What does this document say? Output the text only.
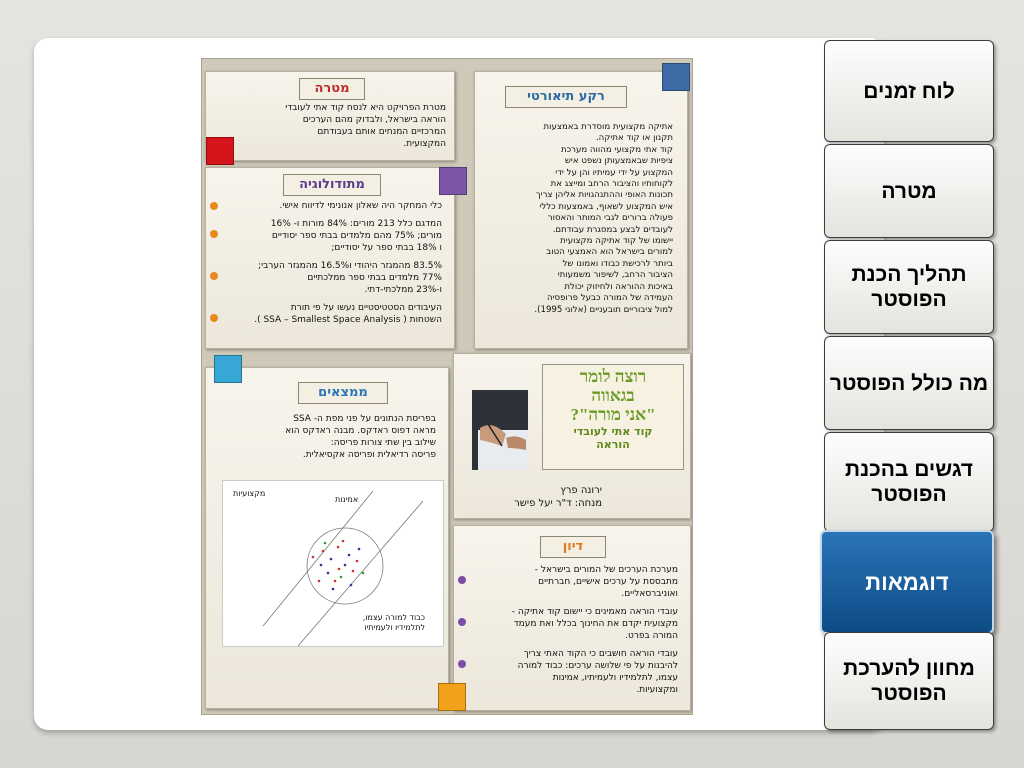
מטרה
מטרת הפרויקט היא לנסח קוד אתי לעובדי
הוראה בישראל, ולבדוק מהם הערכים
המרכזיים המנחים אותם בעבודתם
המקצועית.
מתודולוגיה
כלי המחקר היה שאלון אנונימי לדיווח אישי.
המדגם כלל 213 מורים: 84% מורות ו- 16%
מורים; 75% מהם מלמדים בבתי ספר יסודיים
ו 18% בבתי ספר על יסודיים;
83.5% מהמגזר היהודי ו16.5% מהמגזר הערבי;
77% מלמדים בבתי ספר ממלכתיים
ו-23% ממלכתי-דתי.
העיבודים הסטטיסטיים נעשו על פי תורת
השטחות ( SSA – Smallest Space Analysis ).
רקע תיאורטי
אתיקה מקצועית מוסדרת באמצעות
תקנון או קוד אתיקה.
קוד אתי מקצועי מהווה מערכת
ציפיות שבאמצעותן נשפט איש
המקצוע על ידי עמיתיו והן על ידי
לקוחותיו והציבור הרחב ומייצג את
תכונות האופי וההתנהגויות אליהן צריך
איש המקצוע לשאוף, באמצעות כללי
פעולה ברורים לגבי המותר והאסור
לעובדים לבצע במסגרת עבודתם.
יישומו של קוד אתיקה מקצועית
למורים בישראל הוא האמצעי הטוב
ביותר לרכישת כבודו ואמונו של
הציבור הרחב, לשיפור משמעותי
באיכות ההוראה ולחיזוק יכולת
העמידה של המורה כבעל פרופסיה
למול ציבוריים תובעניים (אלוני 1995).
ממצאים
בפריסת הנתונים על פני מפת ה- SSA
מראה דפוס ראדקס. מבנה ראדקס הוא
שילוב בין שתי צורות פריסה:
פריסה רדיאלית ופריסה אקסיאלית.
מקצועיות
אמינות
כבוד למורה עצמו, לתלמידיו ולעמיתיו
רוצה לומר
בגאווה
"אני מורה"?
קוד אתי לעובדי
הוראה
ירונה פרץ
מנחה: ד"ר יעל פישר
דיון
מערכת הערכים של המורים בישראל -
מתבססת על ערכים אישיים, חברתיים
ואוניברסאליים.
עובדי הוראה מאמינים כי יישום קוד אתיקה -
מקצועית יקדם את החינוך בכלל ואת מעמד
המורה בפרט.
עובדי הוראה חושבים כי הקוד האתי צריך
להיבנות על פי שלושה ערכים: כבוד למורה
עצמו, לתלמידיו ולעמיתיו, אמינות
ומקצועיות.
לוח זמנים
מטרה
תהליך הכנת הפוסטר
מה כולל הפוסטר
דגשים בהכנת הפוסטר
דוגמאות
מחוון להערכת הפוסטר
